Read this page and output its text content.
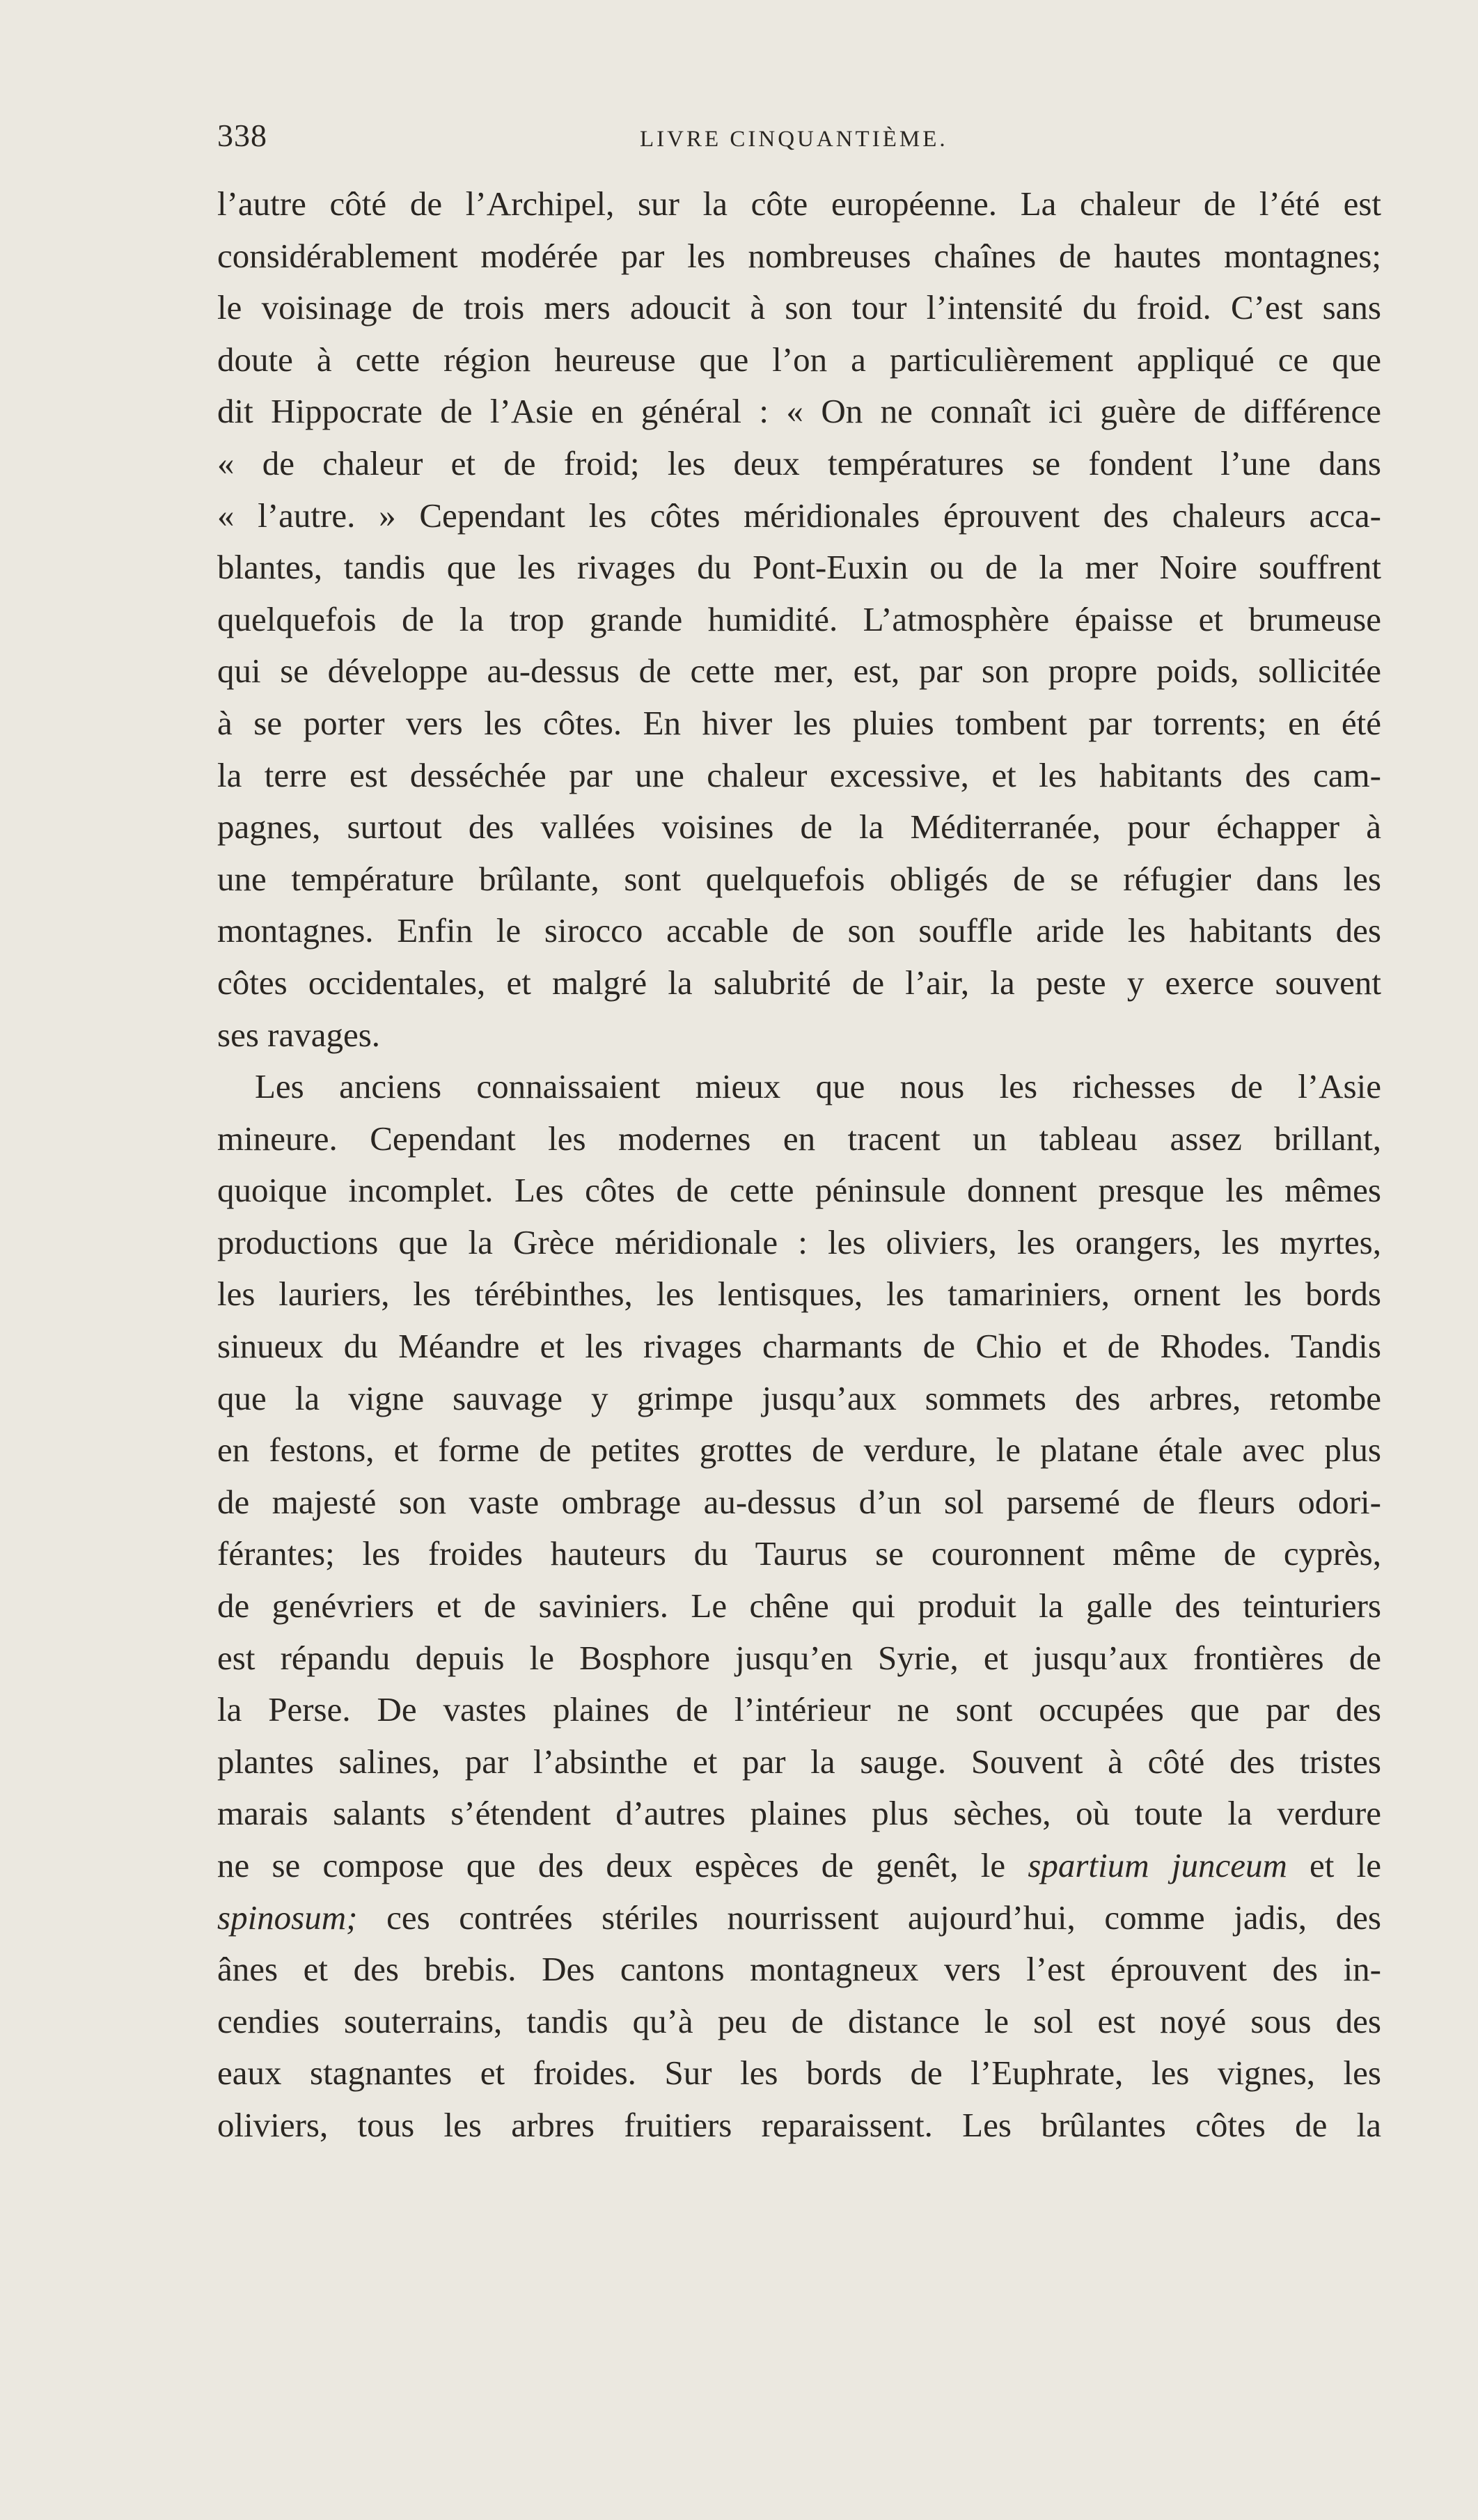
338	LIVRE CINQUANTIÈME.
l’autre côté de l’Archipel, sur la côte européenne. La chaleur de l’été est
considérablement modérée par les nombreuses chaînes de hautes montagnes;
le voisinage de trois mers adoucit à son tour l’intensité du froid. C’est sans
doute à cette région heureuse que l’on a particulièrement appliqué ce que
dit Hippocrate de l’Asie en général : « On ne connaît ici guère de différence
« de chaleur et de froid; les deux températures se fondent l’une dans
« l’autre. » Cependant les côtes méridionales éprouvent des chaleurs acca-
blantes, tandis que les rivages du Pont-Euxin ou de la mer Noire souffrent
quelquefois de la trop grande humidité. L’atmosphère épaisse et brumeuse
qui se développe au-dessus de cette mer, est, par son propre poids, sollicitée
à se porter vers les côtes. En hiver les pluies tombent par torrents; en été
la terre est desséchée par une chaleur excessive, et les habitants des cam-
pagnes, surtout des vallées voisines de la Méditerranée, pour échapper à
une température brûlante, sont quelquefois obligés de se réfugier dans les
montagnes. Enfin le sirocco accable de son souffle aride les habitants des
côtes occidentales, et malgré la salubrité de l’air, la peste y exerce souvent
ses ravages.
Les anciens connaissaient mieux que nous les richesses de l’Asie
mineure. Cependant les modernes en tracent un tableau assez brillant,
quoique incomplet. Les côtes de cette péninsule donnent presque les mêmes
productions que la Grèce méridionale : les oliviers, les orangers, les myrtes,
les lauriers, les térébinthes, les lentisques, les tamariniers, ornent les bords
sinueux du Méandre et les rivages charmants de Chio et de Rhodes. Tandis
que la vigne sauvage y grimpe jusqu’aux sommets des arbres, retombe
en festons, et forme de petites grottes de verdure, le platane étale avec plus
de majesté son vaste ombrage au-dessus d’un sol parsemé de fleurs odori-
férantes; les froides hauteurs du Taurus se couronnent même de cyprès,
de genévriers et de saviniers. Le chêne qui produit la galle des teinturiers
est répandu depuis le Bosphore jusqu’en Syrie, et jusqu’aux frontières de
la Perse. De vastes plaines de l’intérieur ne sont occupées que par des
plantes salines, par l’absinthe et par la sauge. Souvent à côté des tristes
marais salants s’étendent d’autres plaines plus sèches, où toute la verdure
ne se compose que des deux espèces de genêt, le spartium junceum et le
spinosum; ces contrées stériles nourrissent aujourd’hui, comme jadis, des
ânes et des brebis. Des cantons montagneux vers l’est éprouvent des in-
cendies souterrains, tandis qu’à peu de distance le sol est noyé sous des
eaux stagnantes et froides. Sur les bords de l’Euphrate, les vignes, les
oliviers, tous les arbres fruitiers reparaissent. Les brûlantes côtes de la
